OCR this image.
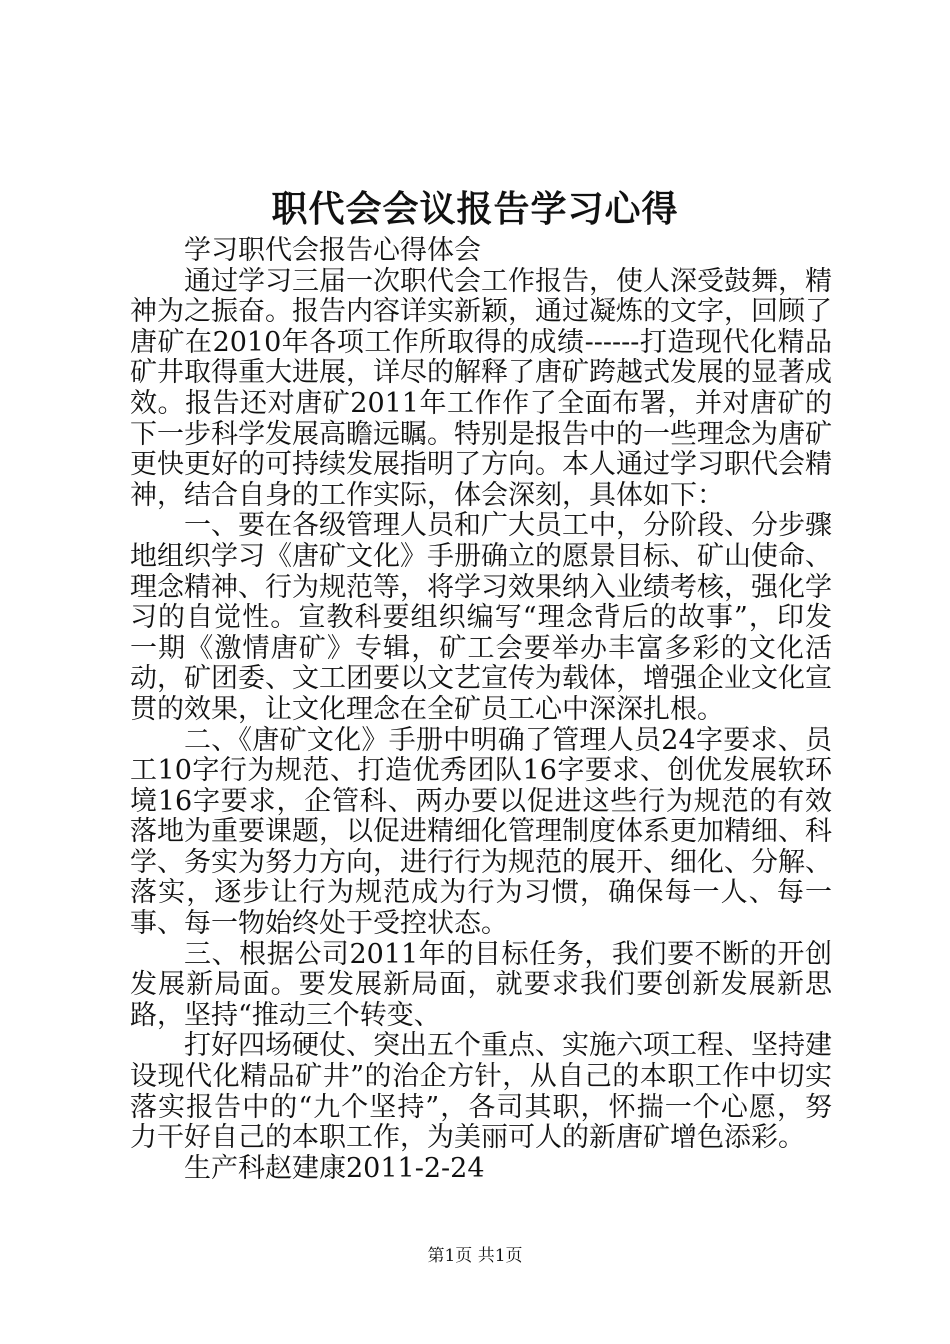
职代会会议报告学习心得

学习职代会报告心得体会

通过学习三届一次职代会工作报告，使人深受鼓舞，精神为之振奋。报告内容详实新颖，通过凝炼的文字，回顾了唐矿在2010年各项工作所取得的成绩------打造现代化精品矿井取得重大进展，详尽的解释了唐矿跨越式发展的显著成效。报告还对唐矿2011年工作作了全面布署，并对唐矿的下一步科学发展高瞻远瞩。特别是报告中的一些理念为唐矿更快更好的可持续发展指明了方向。本人通过学习职代会精神，结合自身的工作实际，体会深刻，具体如下：

一、要在各级管理人员和广大员工中，分阶段、分步骤地组织学习《唐矿文化》手册确立的愿景目标、矿山使命、理念精神、行为规范等，将学习效果纳入业绩考核，强化学习的自觉性。宣教科要组织编写“理念背后的故事”，印发一期《激情唐矿》专辑，矿工会要举办丰富多彩的文化活动，矿团委、文工团要以文艺宣传为载体，增强企业文化宣贯的效果，让文化理念在全矿员工心中深深扎根。

二、《唐矿文化》手册中明确了管理人员24字要求、员工10字行为规范、打造优秀团队16字要求、创优发展软环境16字要求，企管科、两办要以促进这些行为规范的有效落地为重要课题，以促进精细化管理制度体系更加精细、科学、务实为努力方向，进行行为规范的展开、细化、分解、落实，逐步让行为规范成为行为习惯，确保每一人、每一事、每一物始终处于受控状态。

三、根据公司2011年的目标任务，我们要不断的开创发展新局面。要发展新局面，就要求我们要创新发展新思路，坚持“推动三个转变、

打好四场硬仗、突出五个重点、实施六项工程、坚持建设现代化精品矿井”的治企方针，从自己的本职工作中切实落实报告中的“九个坚持”，各司其职，怀揣一个心愿，努力干好自己的本职工作，为美丽可人的新唐矿增色添彩。

生产科赵建康2011-2-24

第1页 共1页
